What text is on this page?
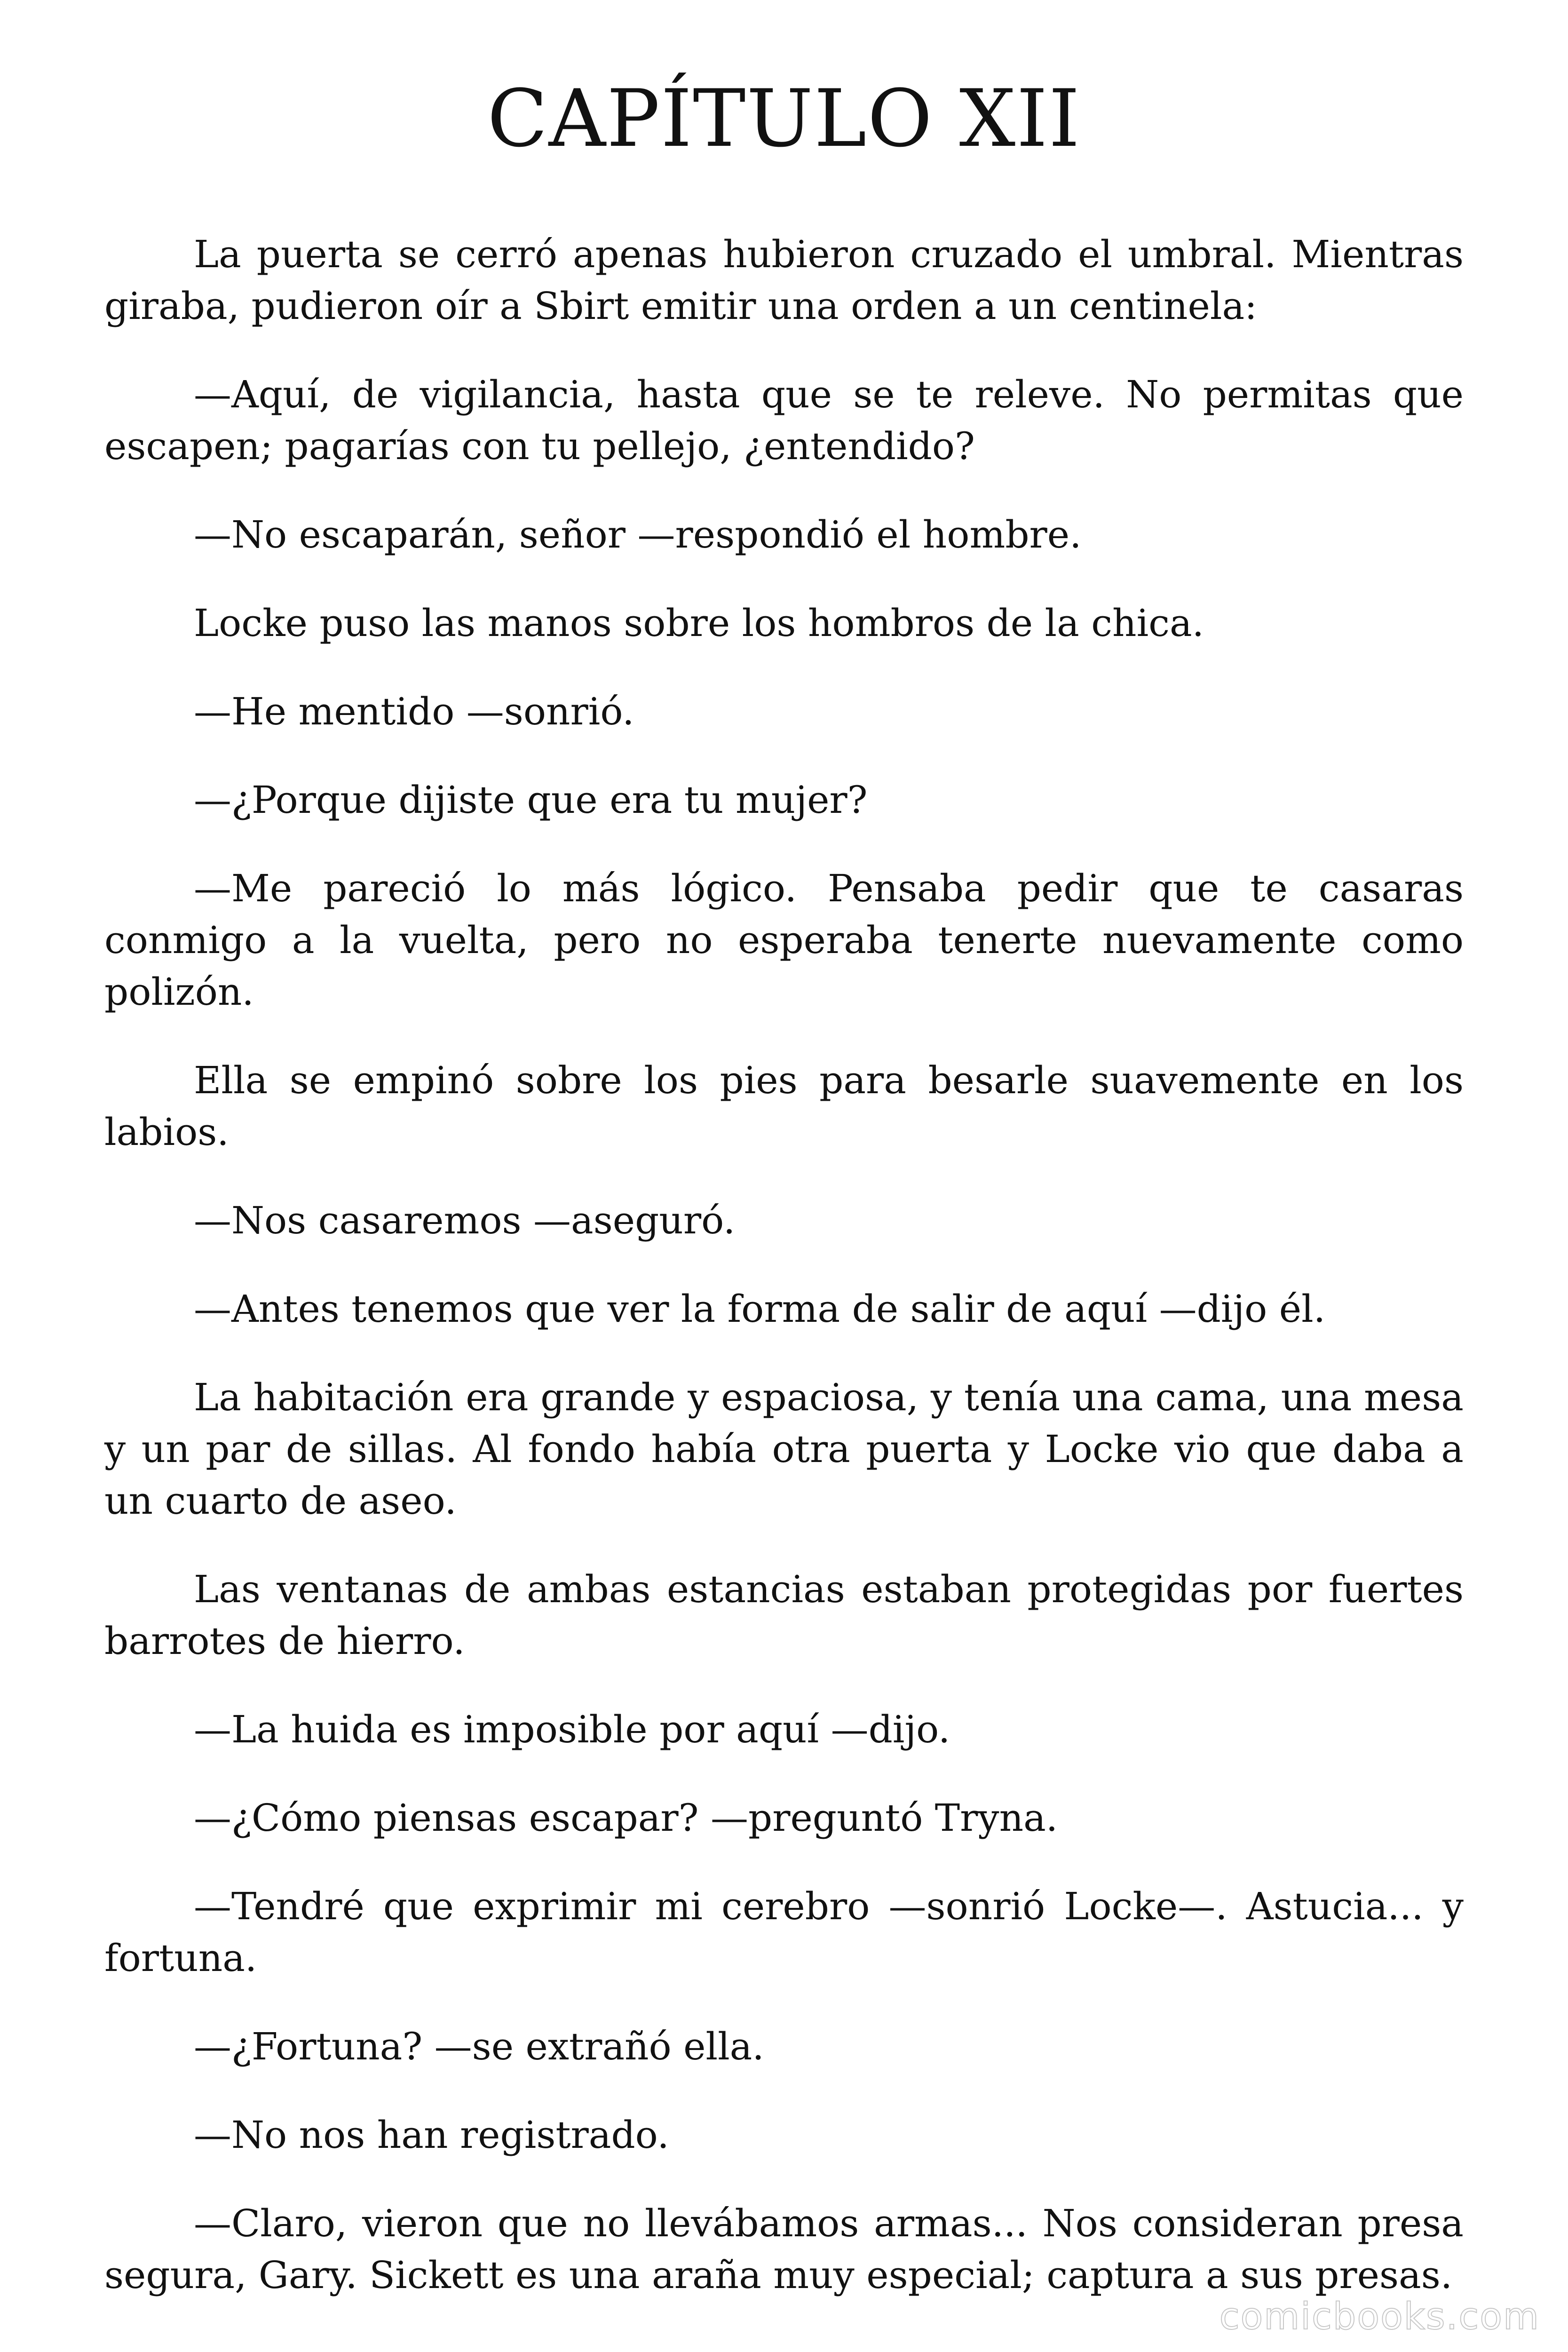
CAPÍTULO XII

La puerta se cerró apenas hubieron cruzado el umbral. Mientras giraba, pudieron oír a Sbirt emitir una orden a un centinela:

—Aquí, de vigilancia, hasta que se te releve. No permitas que escapen; pagarías con tu pellejo, ¿entendido?

—No escaparán, señor —respondió el hombre.

Locke puso las manos sobre los hombros de la chica.

—He mentido —sonrió.

—¿Porque dijiste que era tu mujer?

—Me pareció lo más lógico. Pensaba pedir que te casaras conmigo a la vuelta, pero no esperaba tenerte nuevamente como polizón.

Ella se empinó sobre los pies para besarle suavemente en los labios.

—Nos casaremos —aseguró.

—Antes tenemos que ver la forma de salir de aquí —dijo él.

La habitación era grande y espaciosa, y tenía una cama, una mesa y un par de sillas. Al fondo había otra puerta y Locke vio que daba a un cuarto de aseo.

Las ventanas de ambas estancias estaban protegidas por fuertes barrotes de hierro.

—La huida es imposible por aquí —dijo.

—¿Cómo piensas escapar? —preguntó Tryna.

—Tendré que exprimir mi cerebro —sonrió Locke—. Astucia... y fortuna.

—¿Fortuna? —se extrañó ella.

—No nos han registrado.

—Claro, vieron que no llevábamos armas... Nos consideran presa segura, Gary. Sickett es una araña muy especial; captura a sus presas.

comicbooks.com
